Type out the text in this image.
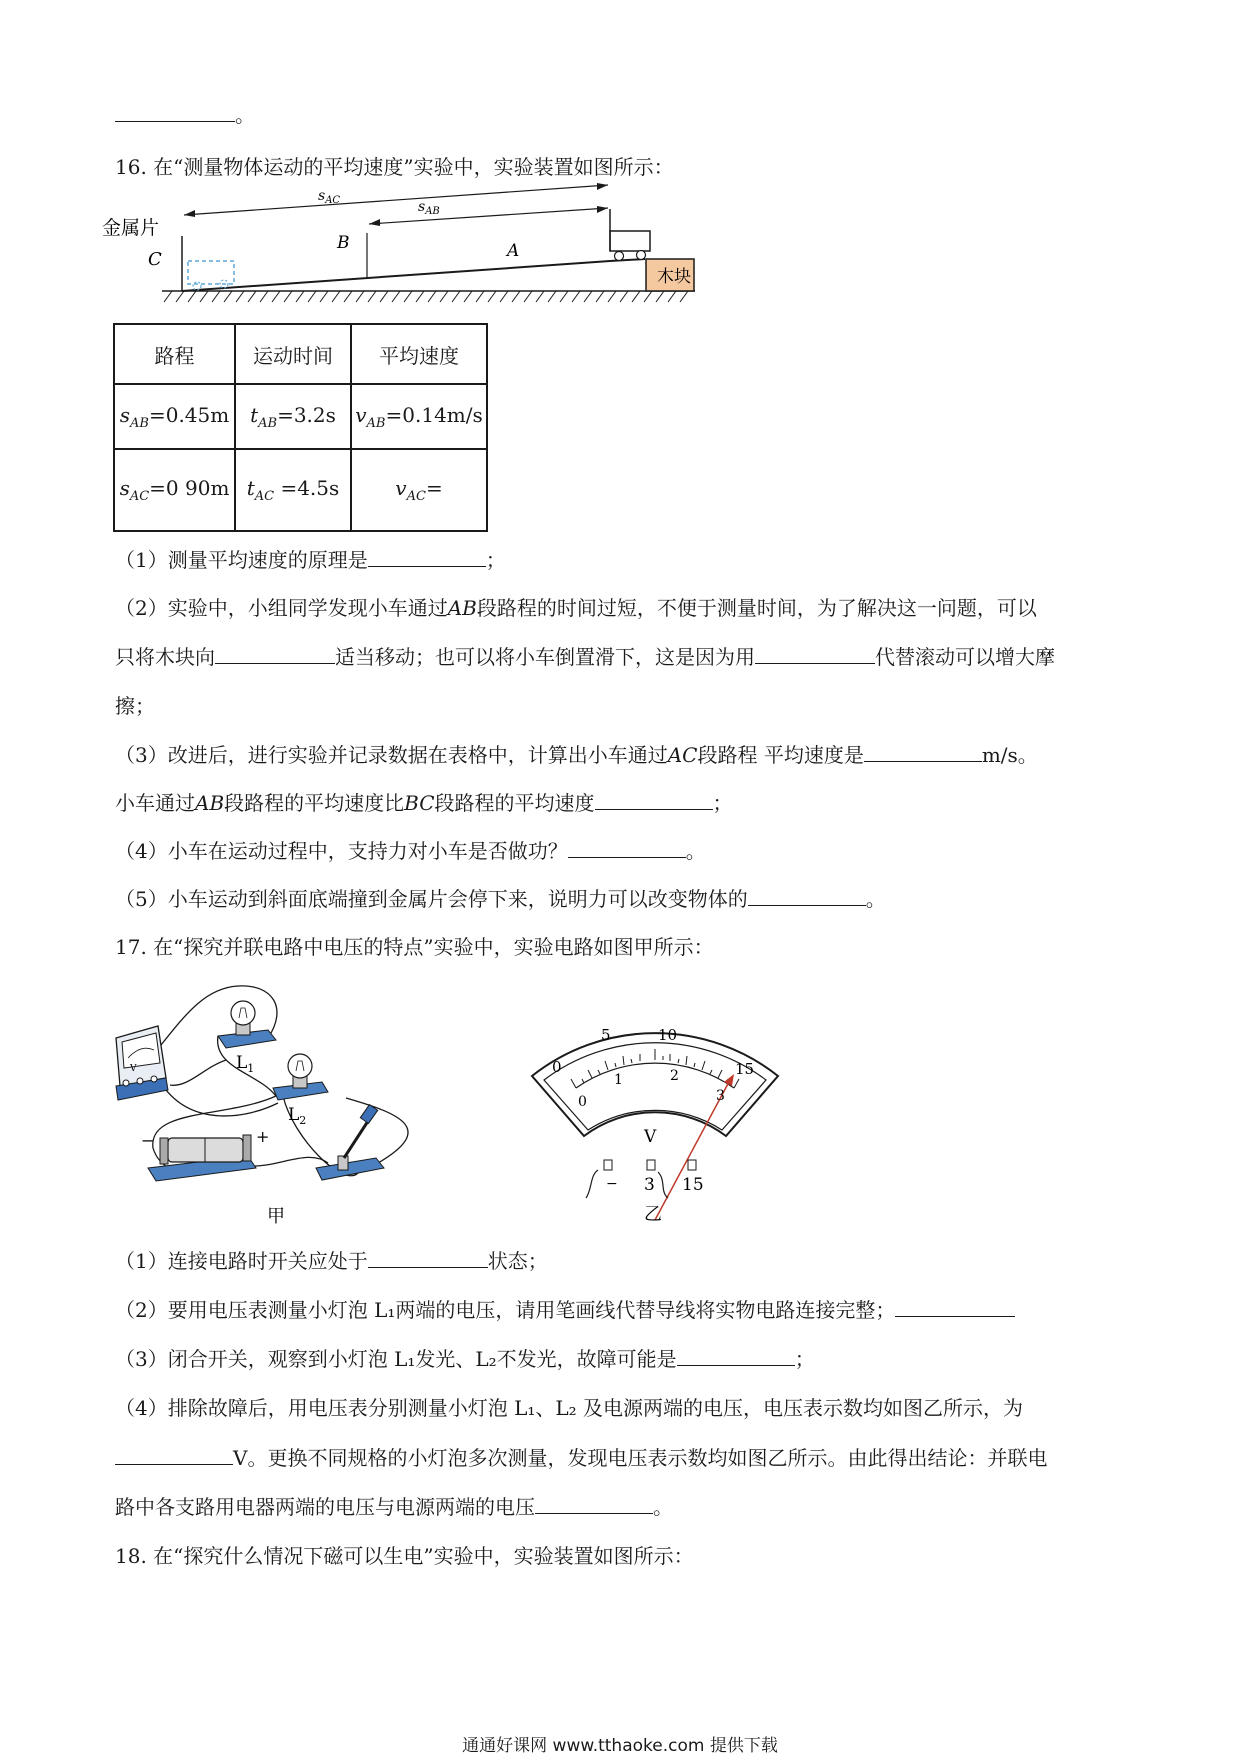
。
16. 在“测量物体运动的平均速度”实验中，实验装置如图所示：
金属片
C
B	A
木块
$s_{AC}$	$s_{AB}$
路程	运动时间	平均速度
$s_{AB}=0.45m$	$t_{AB}=3.2s$	$v_{AB}=0.14m/s$
$s_{AC}=0$ 90m	$t_{AC} =4.5s$	$v_{AC}=$
（1）测量平均速度的原理是	；
（2）实验中，小组同学发现小车通过AB段路程的时间过短，不便于测量时间，为了解决这一问题，可以
只将木块向	适当移动；也可以将小车倒置滑下，这是因为用	代替滚动可以增大摩
擦；
（3）改进后，进行实验并记录数据在表格中，计算出小车通过AC段路程 平均速度是	m/s。
小车通过AB段路程的平均速度比BC段路程的平均速度	；
（4）小车在运动过程中，支持力对小车是否做功？	。
（5）小车运动到斜面底端撞到金属片会停下来，说明力可以改变物体的	。
17. 在“探究并联电路中电压的特点”实验中，实验电路如图甲所示：
V
−	+
$L_1$
$L_2$
甲
0
5	10
15
0
1	2
3
V
− 3 15
乙
（1）连接电路时开关应处于	状态；
（2）要用电压表测量小灯泡 L₁两端的电压，请用笔画线代替导线将实物电路连接完整；
（3）闭合开关，观察到小灯泡 L₁发光、L₂不发光，故障可能是	；
（4）排除故障后，用电压表分别测量小灯泡 L₁、L₂ 及电源两端的电压，电压表示数均如图乙所示，为
V。更换不同规格的小灯泡多次测量，发现电压表示数均如图乙所示。由此得出结论：并联电
路中各支路用电器两端的电压与电源两端的电压	。
18. 在“探究什么情况下磁可以生电”实验中，实验装置如图所示：
通通好课网 www.tthaoke.com 提供下载
